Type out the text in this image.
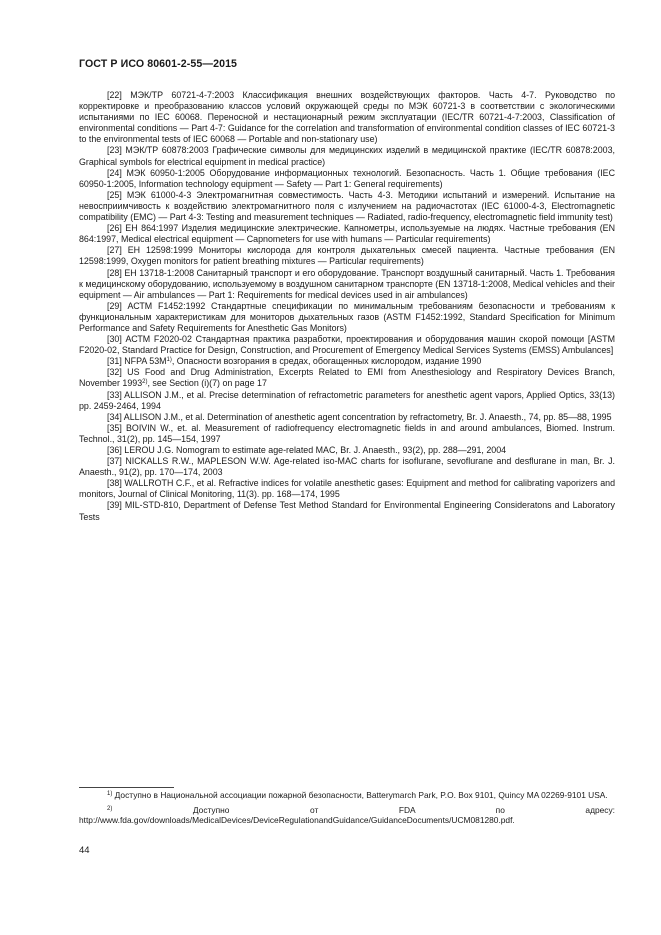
ГОСТ Р ИСО 80601-2-55—2015

[22] МЭК/ТР 60721-4-7:2003 Классификация внешних воздействующих факторов. Часть 4-7. Руководство по корректировке и преобразованию классов условий окружающей среды по МЭК 60721-3 в соответствии с экологическими испытаниями по IEC 60068. Переносной и нестационарный режим эксплуатации (IEC/TR 60721-4-7:2003, Classification of environmental conditions — Part 4-7: Guidance for the correlation and transformation of environmental condition classes of IEC 60721-3 to the environmental tests of IEC 60068 — Portable and non-stationary use)

[23] МЭК/ТР 60878:2003 Графические символы для медицинских изделий в медицинской практике (IEC/TR 60878:2003, Graphical symbols for electrical equipment in medical practice)

[24] МЭК 60950-1:2005 Оборудование информационных технологий. Безопасность. Часть 1. Общие требования (IEC 60950-1:2005, Information technology equipment — Safety — Part 1: General requirements)

[25] МЭК 61000-4-3 Электромагнитная совместимость. Часть 4-3. Методики испытаний и измерений. Испытание на невосприимчивость к воздействию электромагнитного поля с излучением на радиочастотах (IEC 61000-4-3, Electromagnetic compatibility (EMC) — Part 4-3: Testing and measurement techniques — Radiated, radio-frequency, electromagnetic field immunity test)

[26] ЕН 864:1997 Изделия медицинские электрические. Капнометры, используемые на людях. Частные требования (EN 864:1997, Medical electrical equipment — Capnometers for use with humans — Particular requirements)

[27] ЕН 12598:1999 Мониторы кислорода для контроля дыхательных смесей пациента. Частные требования (EN 12598:1999, Oxygen monitors for patient breathing mixtures — Particular requirements)

[28] ЕН 13718-1:2008 Санитарный транспорт и его оборудование. Транспорт воздушный санитарный. Часть 1. Требования к медицинскому оборудованию, используемому в воздушном санитарном транспорте (EN 13718-1:2008, Medical vehicles and their equipment — Air ambulances — Part 1: Requirements for medical devices used in air ambulances)

[29] АСТМ F1452:1992 Стандартные спецификации по минимальным требованиям безопасности и требованиям к функциональным характеристикам для мониторов дыхательных газов (ASTM F1452:1992, Standard Specification for Minimum Performance and Safety Requirements for Anesthetic Gas Monitors)

[30] АСТМ F2020-02 Стандартная практика разработки, проектирования и оборудования машин скорой помощи [ASTM F2020-02, Standard Practice for Design, Construction, and Procurement of Emergency Medical Services Systems (EMSS) Ambulances]

[31] NFPA $53M^{1)}$, Опасности возгорания в средах, обогащенных кислородом, издание 1990

[32] US Food and Drug Administration, Excerpts Related to EMI from Anesthesiology and Respiratory Devices Branch, November 1993$^{2)}$, see Section (i)(7) on page 17

[33] ALLISON J.M., et al. Precise determination of refractometric parameters for anesthetic agent vapors, Applied Optics, 33(13) pp. 2459-2464, 1994

[34] ALLISON J.M., et al. Determination of anesthetic agent concentration by refractometry, Br. J. Anaesth., 74, pp. 85—88, 1995

[35] BOIVIN W., et. al. Measurement of radiofrequency electromagnetic fields in and around ambulances, Biomed. Instrum. Technol., 31(2), pp. 145—154, 1997

[36] LEROU J.G. Nomogram to estimate age-related MAC, Br. J. Anaesth., 93(2), pp. 288—291, 2004

[37] NICKALLS R.W., MAPLESON W.W. Age-related iso-MAC charts for isoflurane, sevoflurane and desflurane in man, Br. J. Anaesth., 91(2), pp. 170—174, 2003

[38] WALLROTH C.F., et al. Refractive indices for volatile anesthetic gases: Equipment and method for calibrating vaporizers and monitors, Journal of Clinical Monitoring, 11(3). pp. 168—174, 1995

[39] MIL-STD-810, Department of Defense Test Method Standard for Environmental Engineering Consideratons and Laboratory Tests

$^{1)}$ Доступно в Национальной ассоциации пожарной безопасности, Batterymarch Park, P.O. Box 9101, Quincy MA 02269-9101 USA.

$^{2)}$ Доступно от FDA по адресу: http://www.fda.gov/downloads/MedicalDevices/DeviceRegulationandGuidance/GuidanceDocuments/UCM081280.pdf.

44
